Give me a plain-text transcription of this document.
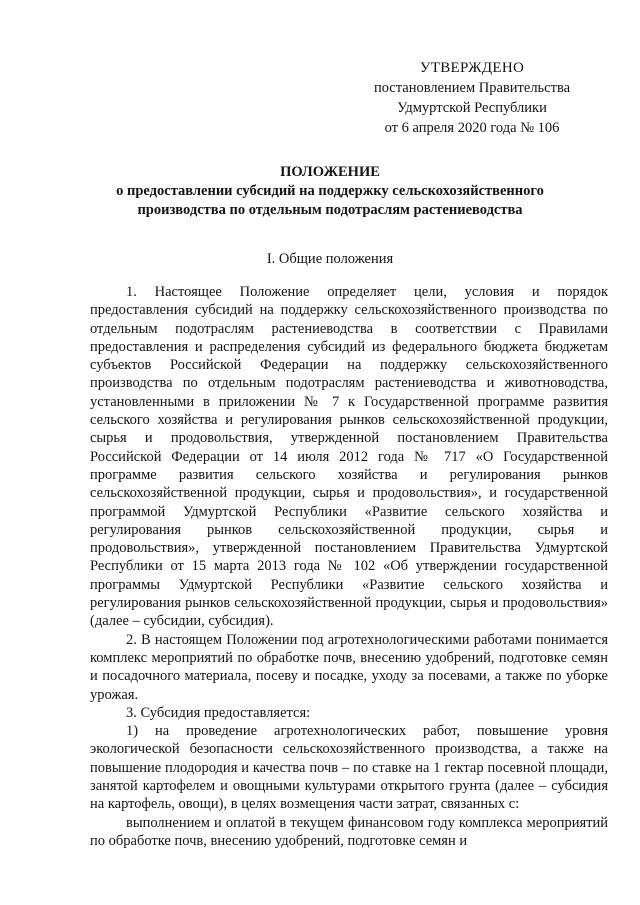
УТВЕРЖДЕНО
постановлением Правительства
Удмуртской Республики
от 6 апреля 2020 года № 106
ПОЛОЖЕНИЕ
о предоставлении субсидий на поддержку сельскохозяйственного
производства по отдельным подотраслям растениеводства
I. Общие положения

1. Настоящее Положение определяет цели, условия и порядок предоставления субсидий на поддержку сельскохозяйственного производства по отдельным подотраслям растениеводства в соответствии с Правилами предоставления и распределения субсидий из федерального бюджета бюджетам субъектов Российской Федерации на поддержку сельскохозяйственного производства по отдельным подотраслям растениеводства и животноводства, установленными в приложении № 7 к Государственной программе развития сельского хозяйства и регулирования рынков сельскохозяйственной продукции, сырья и продовольствия, утвержденной постановлением Правительства Российской Федерации от 14 июля 2012 года № 717 «О Государственной программе развития сельского хозяйства и регулирования рынков сельскохозяйственной продукции, сырья и продовольствия», и государственной программой Удмуртской Республики «Развитие сельского хозяйства и регулирования рынков сельскохозяйственной продукции, сырья и продовольствия», утвержденной постановлением Правительства Удмуртской Республики от 15 марта 2013 года № 102 «Об утверждении государственной программы Удмуртской Республики «Развитие сельского хозяйства и регулирования рынков сельскохозяйственной продукции, сырья и продовольствия» (далее – субсидии, субсидия).

2. В настоящем Положении под агротехнологическими работами понимается комплекс мероприятий по обработке почв, внесению удобрений, подготовке семян и посадочного материала, посеву и посадке, уходу за посевами, а также по уборке урожая.

3. Субсидия предоставляется:

1) на проведение агротехнологических работ, повышение уровня экологической безопасности сельскохозяйственного производства, а также на повышение плодородия и качества почв – по ставке на 1 гектар посевной площади, занятой картофелем и овощными культурами открытого грунта (далее – субсидия на картофель, овощи), в целях возмещения части затрат, связанных с:

выполнением и оплатой в текущем финансовом году комплекса мероприятий по обработке почв, внесению удобрений, подготовке семян и
